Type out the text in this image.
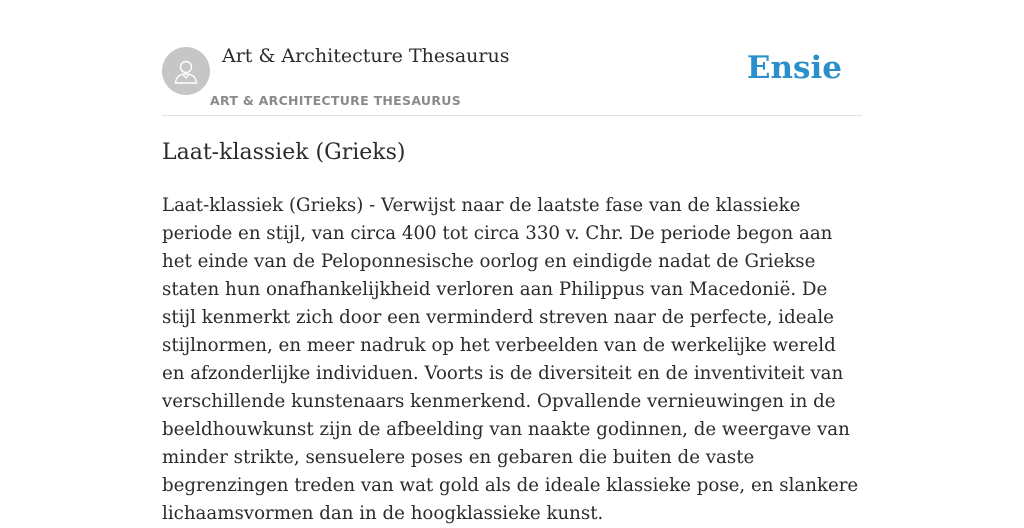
Art & Architecture Thesaurus
ART & ARCHITECTURE THESAURUS
Ensie
Laat-klassiek (Grieks)

Laat-klassiek (Grieks) - Verwijst naar de laatste fase van de klassieke periode en stijl, van circa 400 tot circa 330 v. Chr. De periode begon aan het einde van de Peloponnesische oorlog en eindigde nadat de Griekse staten hun onafhankelijkheid verloren aan Philippus van Macedonië. De stijl kenmerkt zich door een verminderd streven naar de perfecte, ideale stijlnormen, en meer nadruk op het verbeelden van de werkelijke wereld en afzonderlijke individuen. Voorts is de diversiteit en de inventiviteit van verschillende kunstenaars kenmerkend. Opvallende vernieuwingen in de beeldhouwkunst zijn de afbeelding van naakte godinnen, de weergave van minder strikte, sensuelere poses en gebaren die buiten de vaste begrenzingen treden van wat gold als de ideale klassieke pose, en slankere lichaamsvormen dan in de hoogklassieke kunst.
